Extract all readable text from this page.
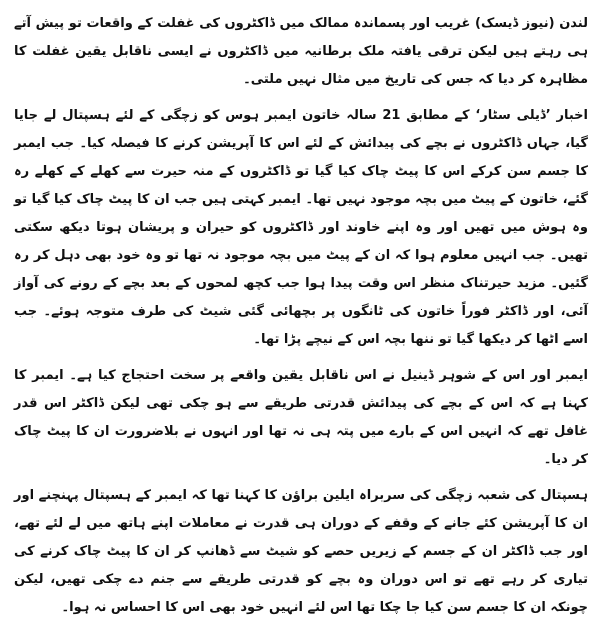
لندن (نیوز ڈیسک) غریب اور پسماندہ ممالک میں ڈاکٹروں کی غفلت کے واقعات تو پیش آتے ہی رہتے ہیں لیکن ترقی یافتہ ملک برطانیہ میں ڈاکٹروں نے ایسی ناقابل یقین غفلت کا مظاہرہ کر دیا کہ جس کی تاریخ میں مثال نہیں ملتی۔

اخبار ’ڈیلی سٹار‘ کے مطابق 21 سالہ خاتون ایمبر ہوس کو زچگی کے لئے ہسپتال لے جایا گیا، جہاں ڈاکٹروں نے بچے کی پیدائش کے لئے اس کا آپریشن کرنے کا فیصلہ کیا۔ جب ایمبر کا جسم سن کرکے اس کا پیٹ چاک کیا گیا تو ڈاکٹروں کے منہ حیرت سے کھلے کے کھلے رہ گئے، خاتون کے پیٹ میں بچہ موجود نہیں تھا۔ ایمبر کہتی ہیں جب ان کا پیٹ چاک کیا گیا تو وہ ہوش میں تھیں اور وہ اپنے خاوند اور ڈاکٹروں کو حیران و پریشان ہوتا دیکھ سکتی تھیں۔ جب انہیں معلوم ہوا کہ ان کے پیٹ میں بچہ موجود نہ تھا تو وہ خود بھی دہل کر رہ گئیں۔ مزید حیرتناک منظر اس وقت پیدا ہوا جب کچھ لمحوں کے بعد بچے کے رونے کی آواز آئی، اور ڈاکٹر فوراً خاتون کی ٹانگوں پر بچھائی گئی شیٹ کی طرف متوجہ ہوئے۔ جب اسے اٹھا کر دیکھا گیا تو ننھا بچہ اس کے نیچے پڑا تھا۔

ایمبر اور اس کے شوہر ڈینیل نے اس ناقابل یقین واقعے پر سخت احتجاج کیا ہے۔ ایمبر کا کہنا ہے کہ اس کے بچے کی پیدائش قدرتی طریقے سے ہو چکی تھی لیکن ڈاکٹر اس قدر غافل تھے کہ انہیں اس کے بارے میں پتہ ہی نہ تھا اور انہوں نے بلاضرورت ان کا پیٹ چاک کر دیا۔

ہسپتال کی شعبہ زچگی کی سربراہ ایلین براؤن کا کہنا تھا کہ ایمبر کے ہسپتال پہنچنے اور ان کا آپریشن کئے جانے کے وقفے کے دوران ہی قدرت نے معاملات اپنے ہاتھ میں لے لئے تھے، اور جب ڈاکٹر ان کے جسم کے زیریں حصے کو شیٹ سے ڈھانپ کر ان کا پیٹ چاک کرنے کی تیاری کر رہے تھے تو اس دوران وہ بچے کو قدرتی طریقے سے جنم دے چکی تھیں، لیکن چونکہ ان کا جسم سن کیا جا چکا تھا اس لئے انہیں خود بھی اس کا احساس نہ ہوا۔
